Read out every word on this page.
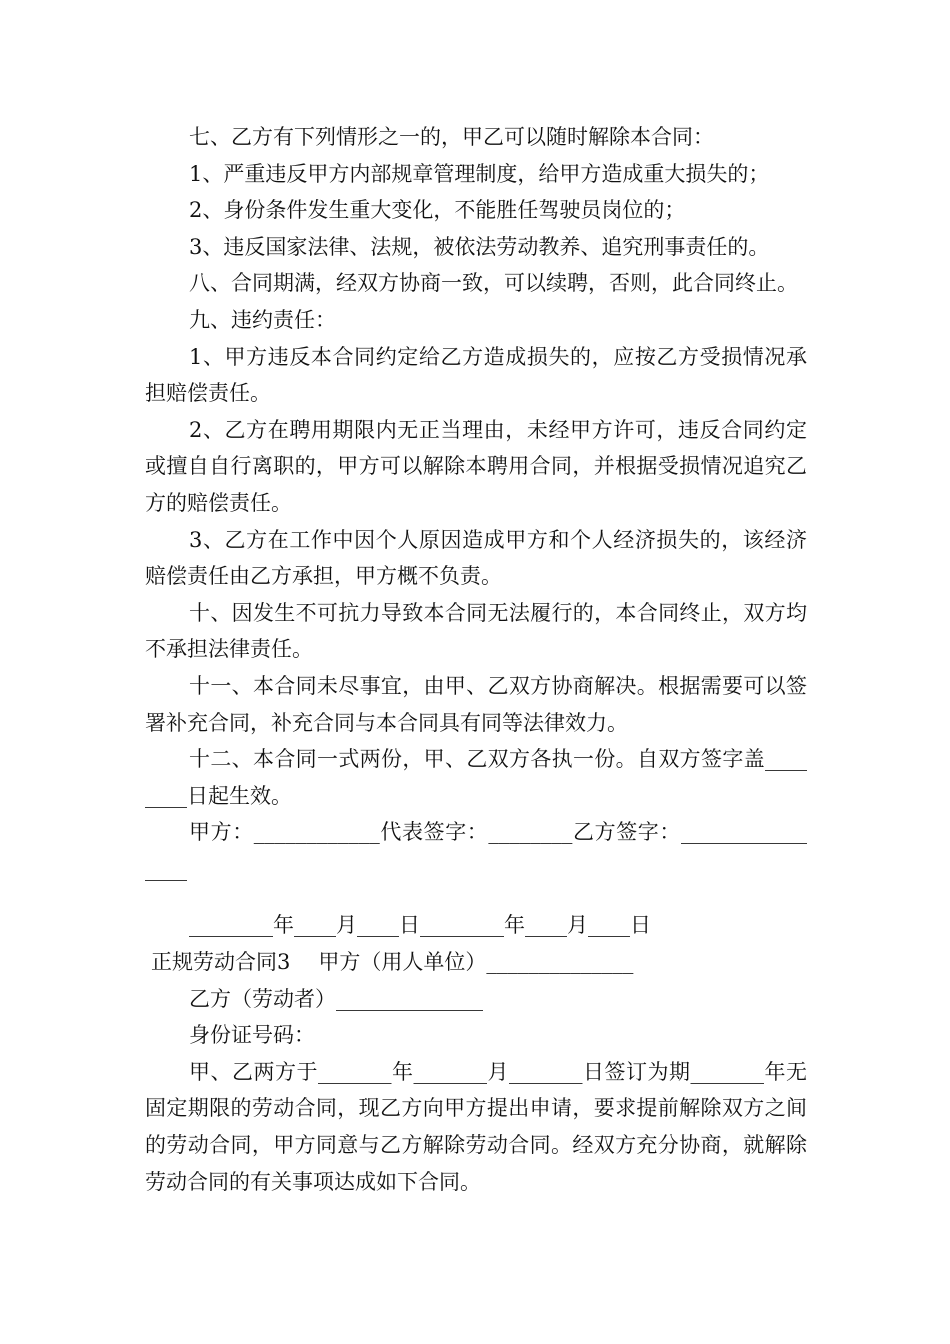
七、乙方有下列情形之一的，甲乙可以随时解除本合同：

1、严重违反甲方内部规章管理制度，给甲方造成重大损失的；

2、身份条件发生重大变化，不能胜任驾驶员岗位的；

3、违反国家法律、法规，被依法劳动教养、追究刑事责任的。

八、合同期满，经双方协商一致，可以续聘，否则，此合同终止。

九、违约责任：

1、甲方违反本合同约定给乙方造成损失的，应按乙方受损情况承担赔偿责任。

2、乙方在聘用期限内无正当理由，未经甲方许可，违反合同约定或擅自自行离职的，甲方可以解除本聘用合同，并根据受损情况追究乙方的赔偿责任。

3、乙方在工作中因个人原因造成甲方和个人经济损失的，该经济赔偿责任由乙方承担，甲方概不负责。

十、因发生不可抗力导致本合同无法履行的，本合同终止，双方均不承担法律责任。

十一、本合同未尽事宜，由甲、乙双方协商解决。根据需要可以签署补充合同，补充合同与本合同具有同等法律效力。

十二、本合同一式两份，甲、乙双方各执一份。自双方签字盖________日起生效。

甲方：____________代表签字：________乙方签字：________________

________年____月____日________年____月____日

正规劳动合同3 甲方（用人单位）______________

乙方（劳动者）______________

身份证号码：

甲、乙两方于_______年_______月_______日签订为期_______年无固定期限的劳动合同，现乙方向甲方提出申请，要求提前解除双方之间的劳动合同，甲方同意与乙方解除劳动合同。经双方充分协商，就解除劳动合同的有关事项达成如下合同。
